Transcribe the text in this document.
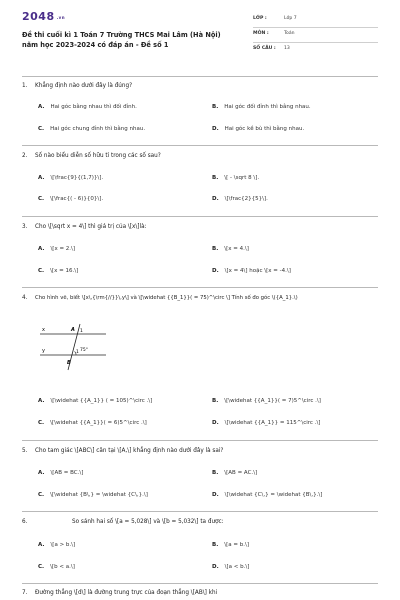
2048 .vn
Đề thi cuối kì 1 Toán 7 Trường THCS Mai Lâm (Hà Nội) năm học 2023-2024 có đáp án - Đề số 1
LỚP :	Lớp 7
MÔN :	Toán
SỐ CÂU : 13
1. Khẳng định nào dưới đây là đúng?
A. Hai góc bằng nhau thì đối đỉnh.	B. Hai góc đối đỉnh thì bằng nhau.
C. Hai góc chung đỉnh thì bằng nhau.	D. Hai góc kề bù thì bằng nhau.
2. Số nào biểu diễn số hữu tỉ trong các số sau?
A. \[\frac{9}{(1,7)}\].	B. \[ - \sqrt 8 \].
C. \[\frac{( - 6)}{0}\].	D. \[\frac{2}{5}\].
3. Cho \[\sqrt x = 4\] thì giá trị của \[x\]là:
A. \[x = 2.\]	B. \[x = 4.\]
C. \[x = 16.\]	D. \[x = 4\] hoặc \[x = -4.\]
4. Cho hình vẽ, biết \[x\,{\rm{//}}\,y\] và \[\widehat {{B_1}}( = 75)^\circ \] Tính số đo góc \({A_1}.\)
x
y
A 1
B
1 75°
A. \[\widehat {{A_1}} ( = 105)^\circ .\]	B. \[\widehat {{A_1}}( = 7)5^\circ .\]
C. \[\widehat {{A_1}}( = 6)5^\circ .\]	D. \[\widehat {{A_1}} = 115^\circ .\]
5. Cho tam giác \[ABC\] cân tại \[A,\] khẳng định nào dưới đây là sai?
A. \[AB = BC.\]	B. \[AB = AC.\]
C. \[\widehat {B\,} = \widehat {C\,}.\]	D. \[\widehat {C\,} = \widehat {B\,}.\]
6.	So sánh hai số \[a = 5,028\] và \[b = 5,032\] ta được:
A. \[a > b.\]	B. \[a = b.\]
C. \[b < a.\]	D. \[a < b.\]
7. Đường thẳng \[d\] là đường trung trực của đoạn thẳng \[AB\] khi
